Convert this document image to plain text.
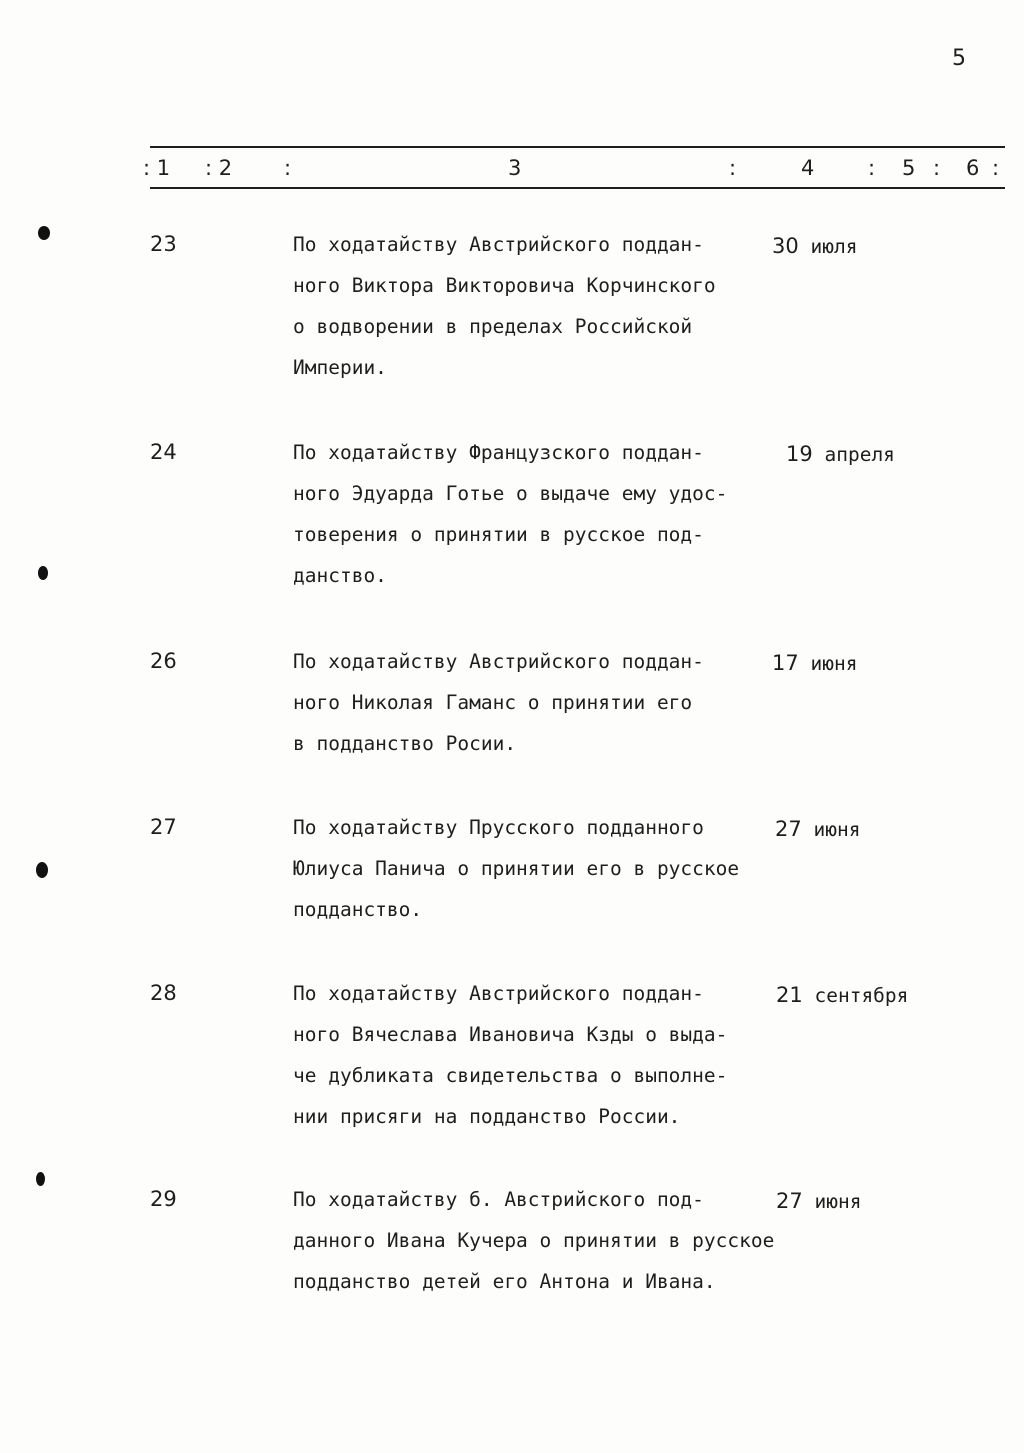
5
: 1 : 2 :	3	:	4	: 5 : 6 :
23	По ходатайству Австрийского поддан-
ного Виктора Викторовича Корчинского
о водворении в пределах Российской
Империи.
30 июля
24	По ходатайству Французского поддан-
ного Эдуарда Готье о выдаче ему удос-
товерения о принятии в русское под-
данство.
19 апреля
26	По ходатайству Австрийского поддан-
ного Николая Гаманс о принятии его
в подданство Росии.
17 июня
27	По ходатайству Прусского подданного
Юлиуса Панича о принятии его в русское
подданство.
27 июня
28	По ходатайству Австрийского поддан-
ного Вячеслава Ивановича Кзды о выда-
че дубликата свидетельства о выполне-
нии присяги на подданство России.
21 сентября
29	По ходатайству б. Австрийского под-
данного Ивана Кучера о принятии в русское
подданство детей его Антона и Ивана.
27 июня
